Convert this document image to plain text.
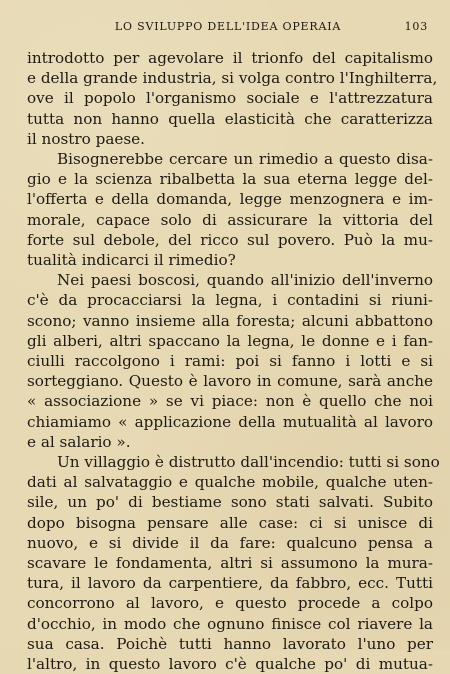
LO SVILUPPO DELL'IDEA OPERAIA	103
introdotto per agevolare il trionfo del capitalismo
e della grande industria, si volga contro l'Inghilterra,
ove il popolo l'organismo sociale e l'attrezzatura
tutta non hanno quella elasticità che caratterizza
il nostro paese.
Bisognerebbe cercare un rimedio a questo disa-
gio e la scienza ribalbetta la sua eterna legge del-
l'offerta e della domanda, legge menzognera e im-
morale, capace solo di assicurare la vittoria del
forte sul debole, del ricco sul povero. Può la mu-
tualità indicarci il rimedio?
Nei paesi boscosi, quando all'inizio dell'inverno
c'è da procacciarsi la legna, i contadini si riuni-
scono; vanno insieme alla foresta; alcuni abbattono
gli alberi, altri spaccano la legna, le donne e i fan-
ciulli raccolgono i rami: poi si fanno i lotti e si
sorteggiano. Questo è lavoro in comune, sarà anche
« associazione » se vi piace: non è quello che noi
chiamiamo « applicazione della mutualità al lavoro
e al salario ».
Un villaggio è distrutto dall'incendio: tutti si sono
dati al salvataggio e qualche mobile, qualche uten-
sile, un po' di bestiame sono stati salvati. Subito
dopo bisogna pensare alle case: ci si unisce di
nuovo, e si divide il da fare: qualcuno pensa a
scavare le fondamenta, altri si assumono la mura-
tura, il lavoro da carpentiere, da fabbro, ecc. Tutti
concorrono al lavoro, e questo procede a colpo
d'occhio, in modo che ognuno finisce col riavere la
sua casa. Poichè tutti hanno lavorato l'uno per
l'altro, in questo lavoro c'è qualche po' di mutua-
